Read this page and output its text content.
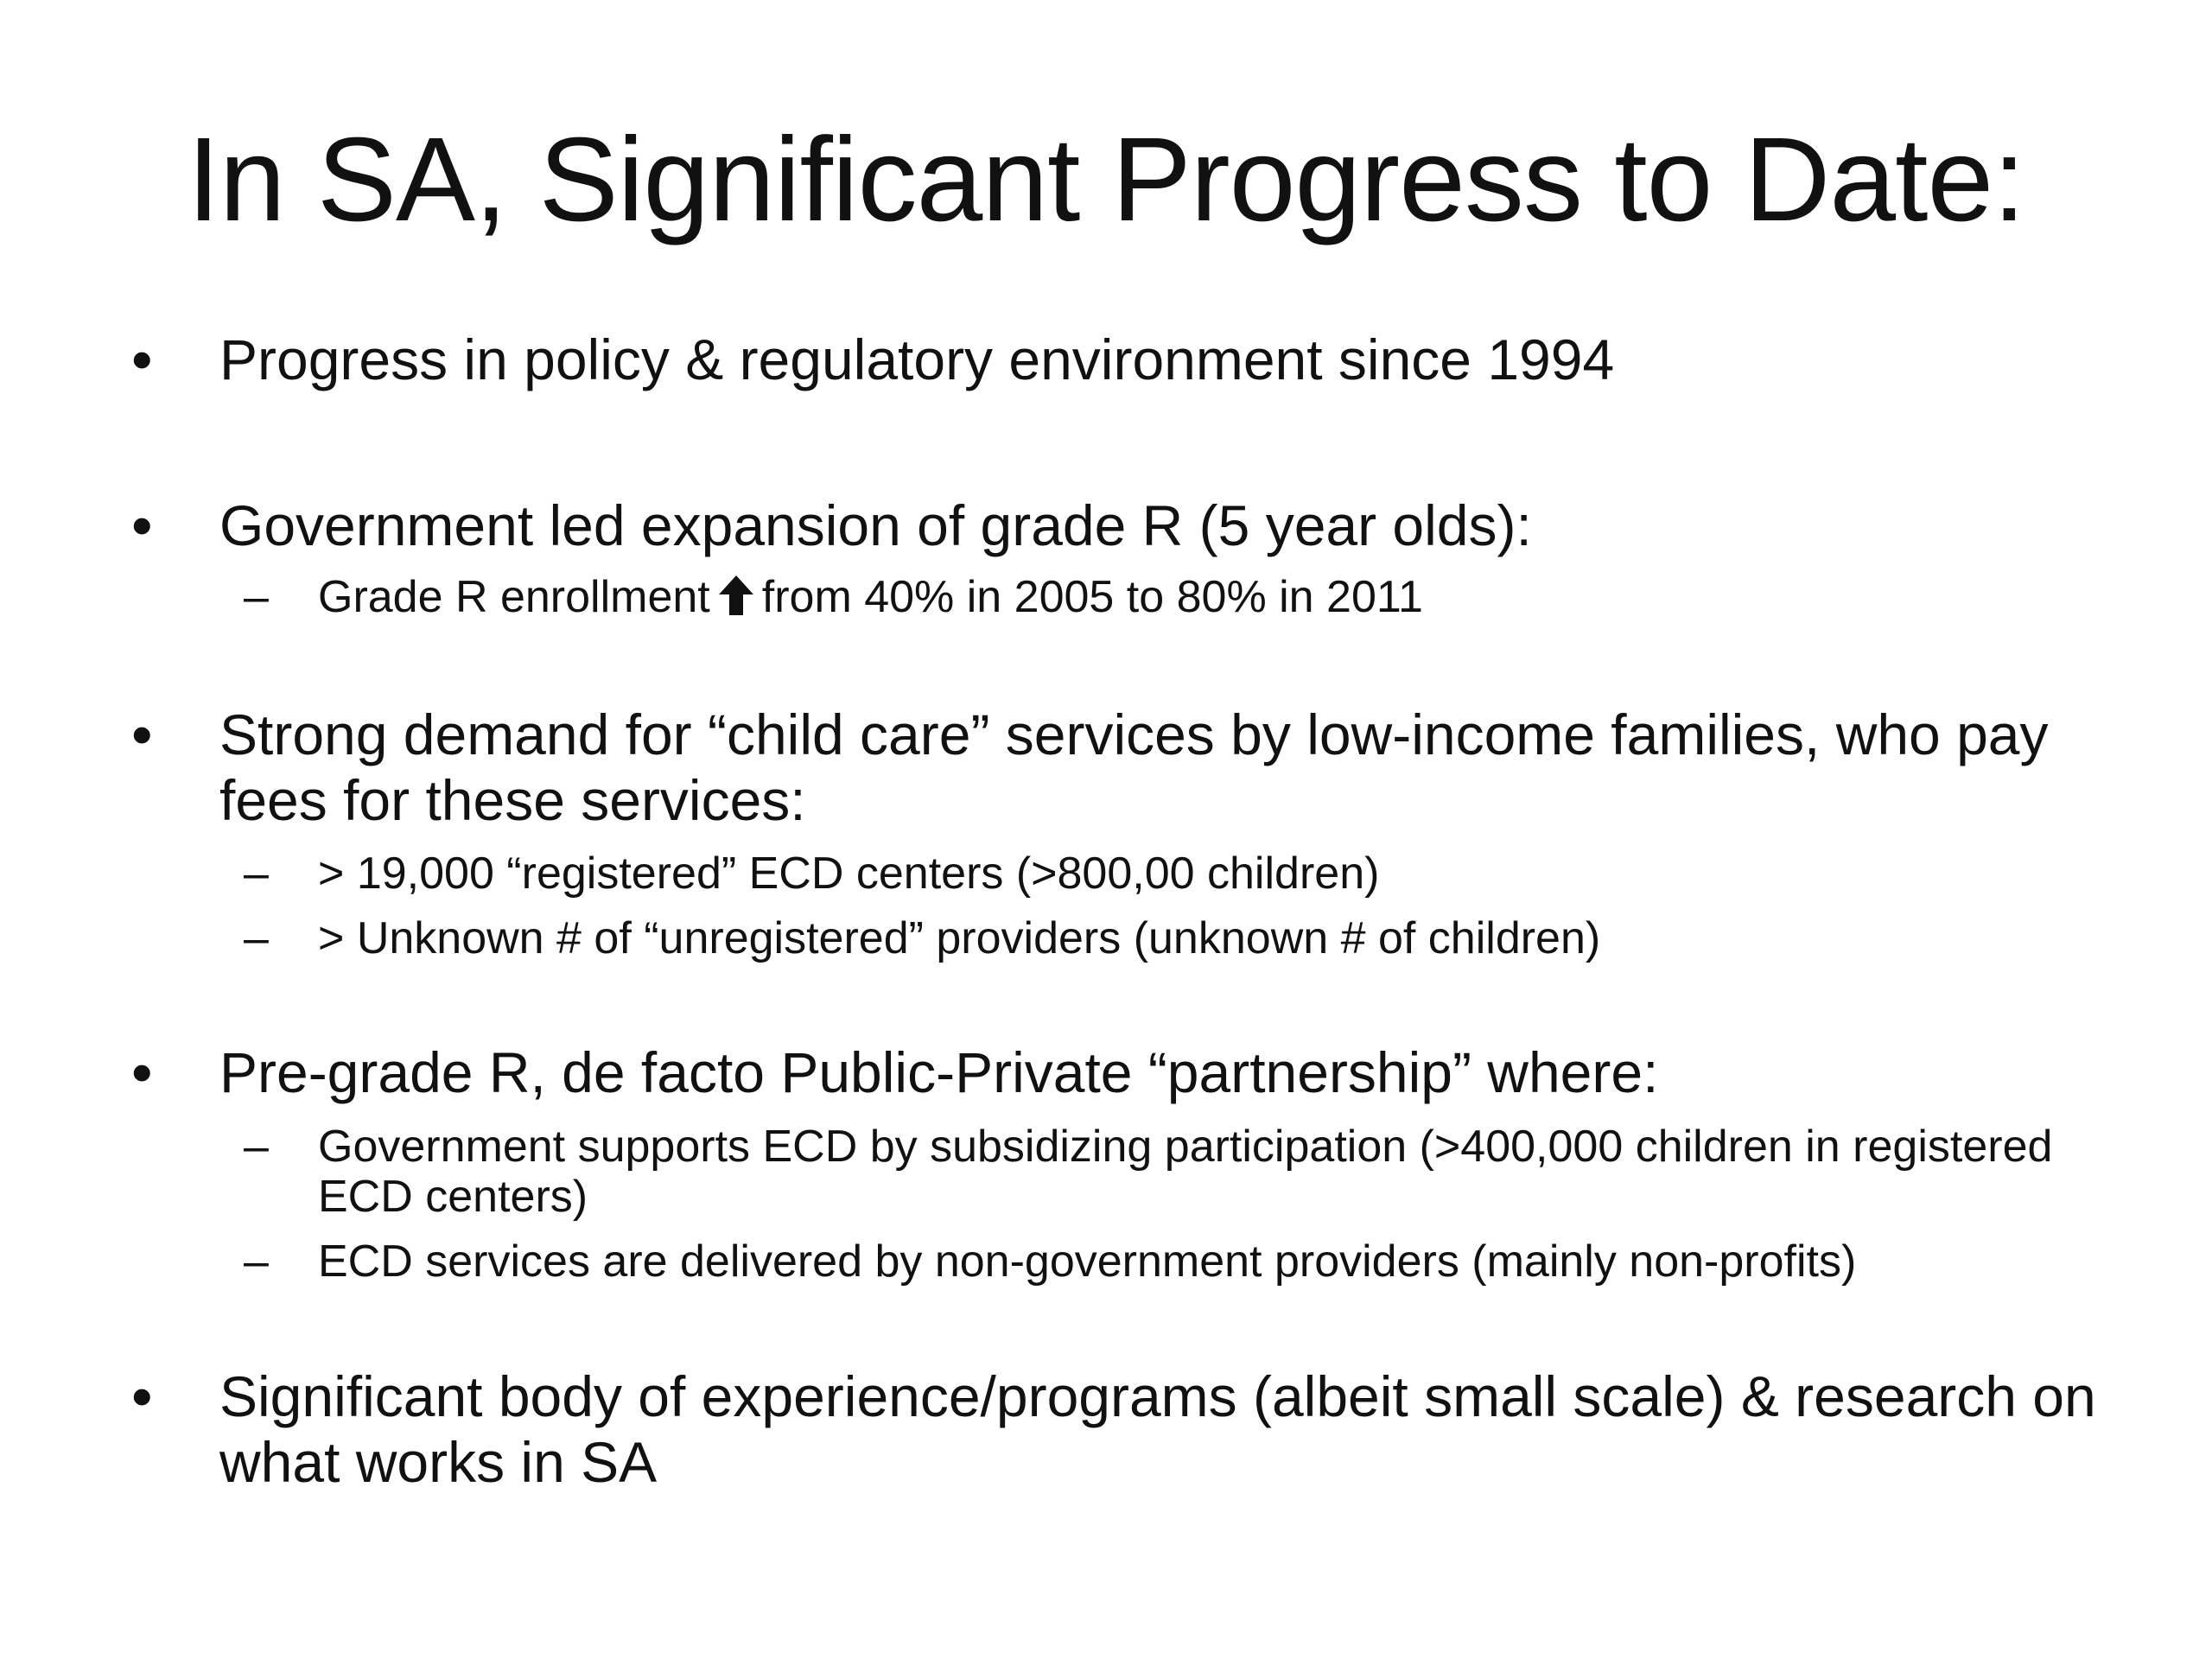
In SA, Significant Progress to Date:
•	Progress in policy & regulatory environment since 1994
•	Government led expansion of grade R (5 year olds):
– Grade R enrollment from 40% in 2005 to 80% in 2011
•	Strong demand for “child care” services by low-income families, who pay fees for these services:
– > 19,000 “registered” ECD centers (>800,00 children)
– > Unknown # of “unregistered” providers (unknown # of children)
•	Pre-grade R, de facto Public-Private “partnership” where:
– Government supports ECD by subsidizing participation (>400,000 children in registered ECD centers)
– ECD services are delivered by non-government providers (mainly non-profits)
•	Significant body of experience/programs (albeit small scale) & research on what works in SA
